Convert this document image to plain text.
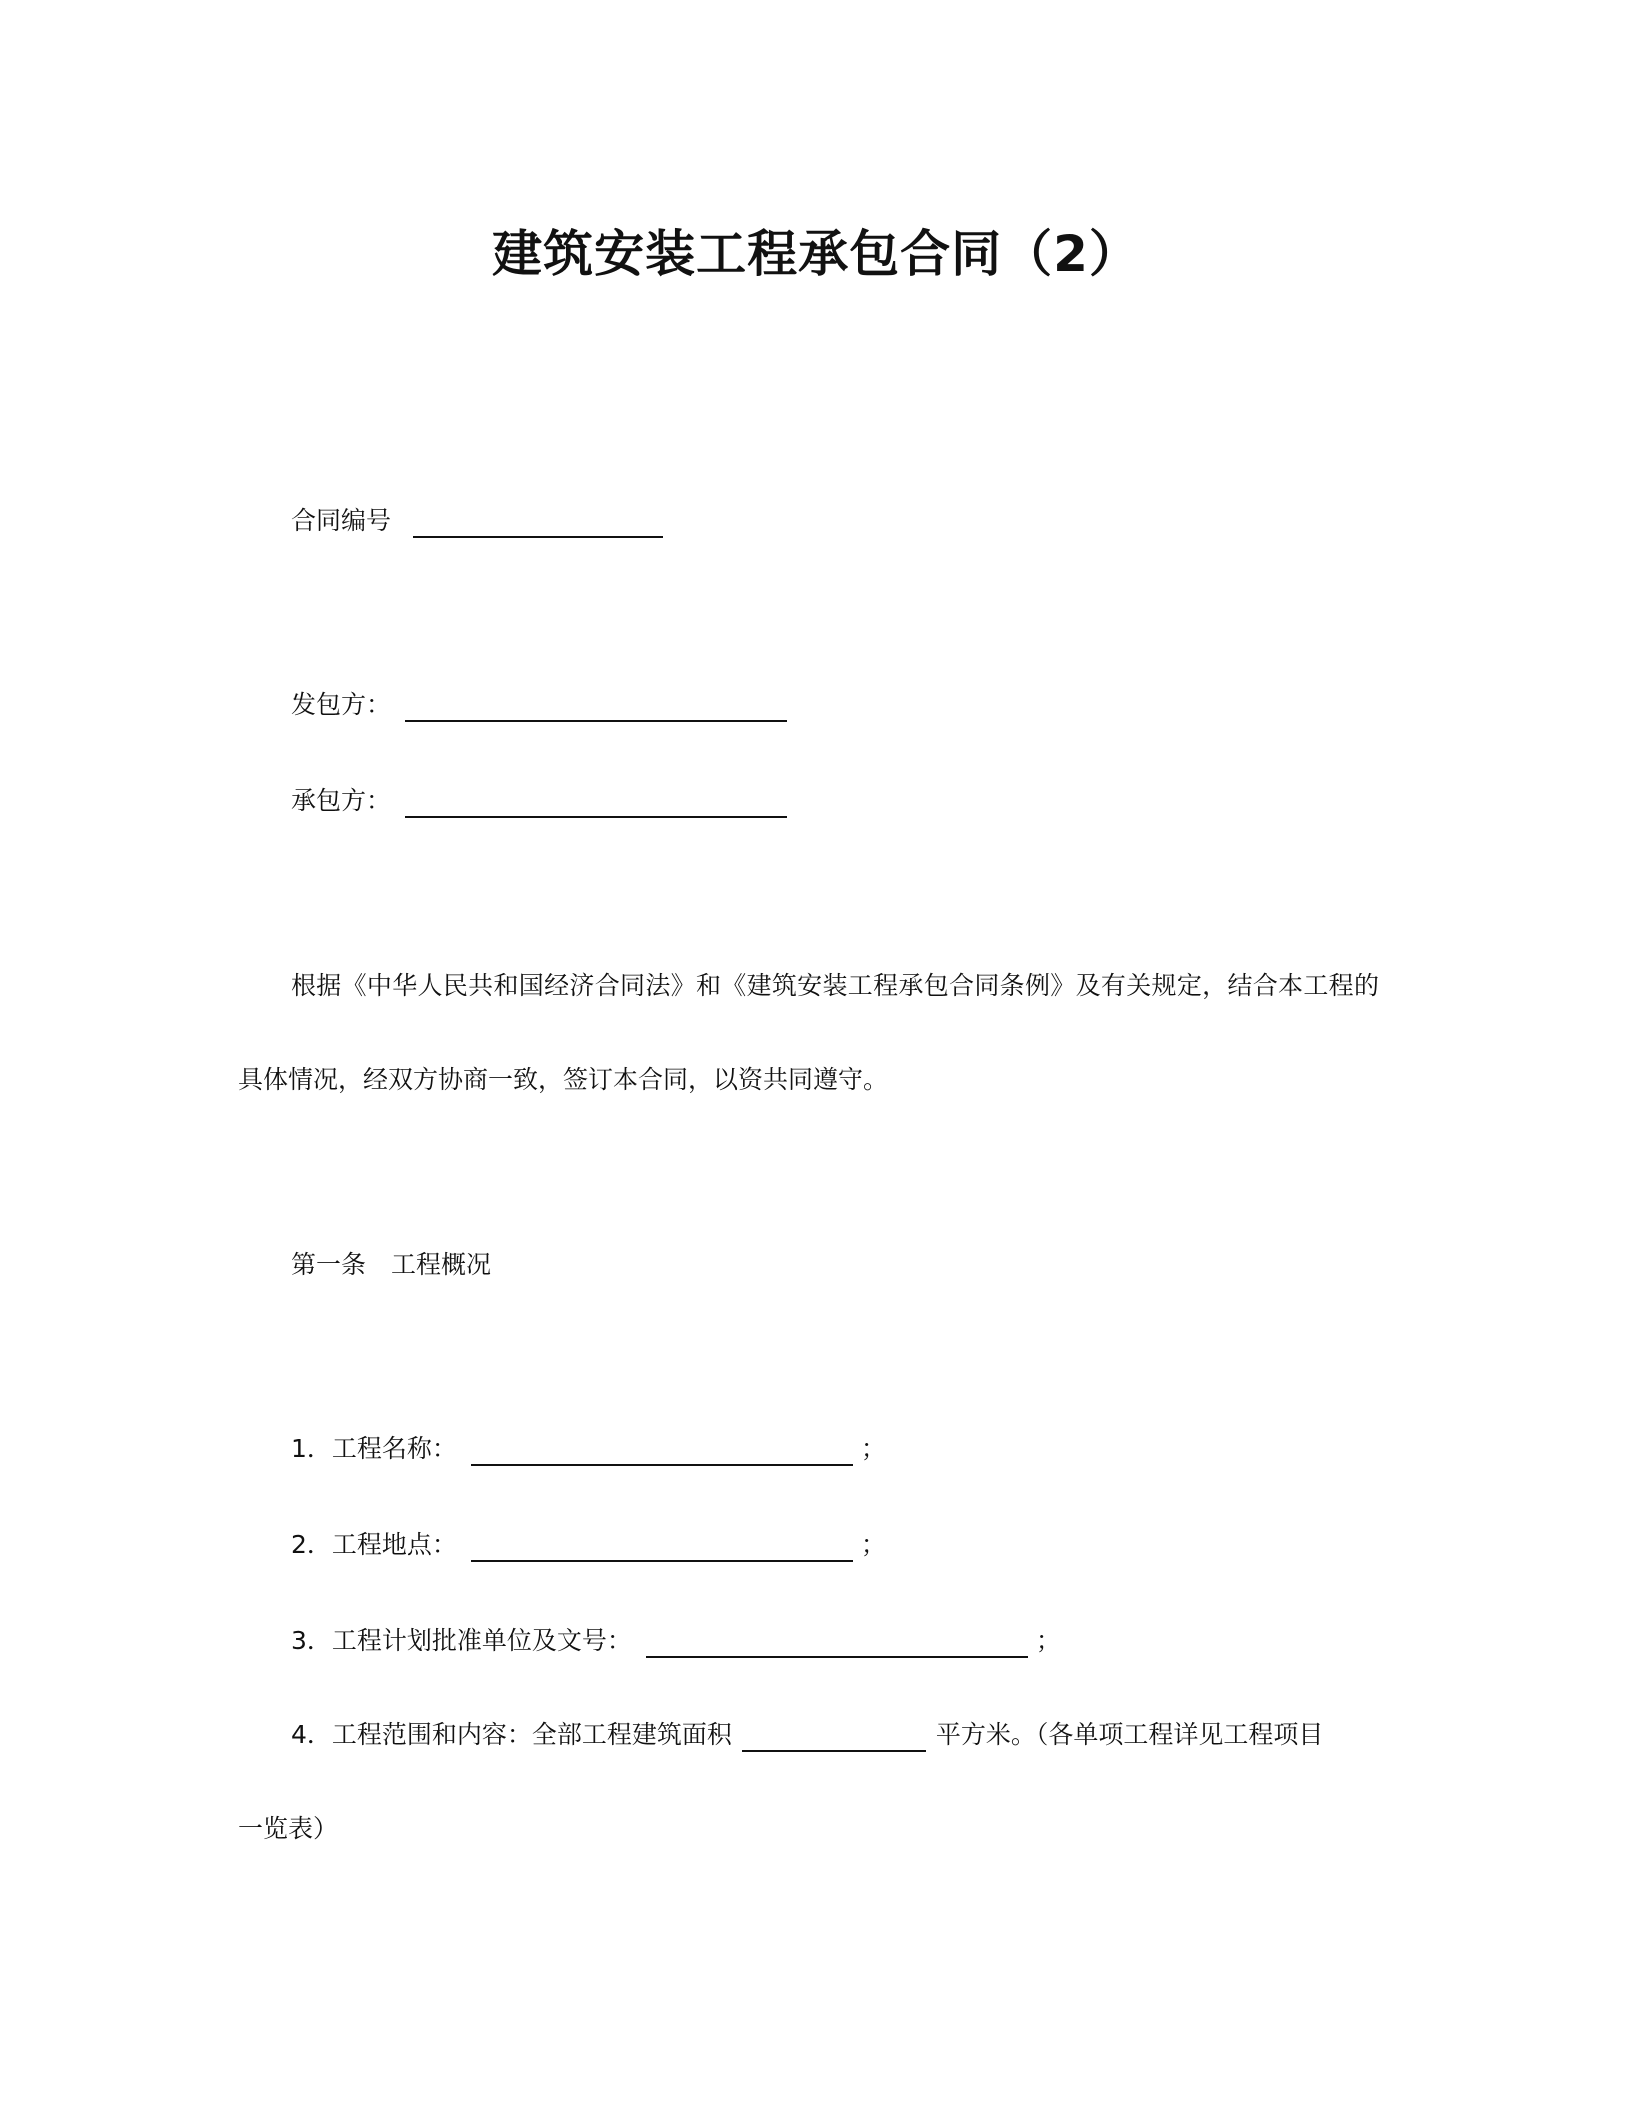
建筑安装工程承包合同（2）
合同编号
发包方：
承包方：
根据《中华人民共和国经济合同法》和《建筑安装工程承包合同条例》及有关规定，结合本工程的具体情况，经双方协商一致，签订本合同，以资共同遵守。
第一条　工程概况
1．工程名称：	；
2．工程地点：	；
3．工程计划批准单位及文号：	；
4．工程范围和内容：全部工程建筑面积	平方米。（各单项工程详见工程项目
一览表）
